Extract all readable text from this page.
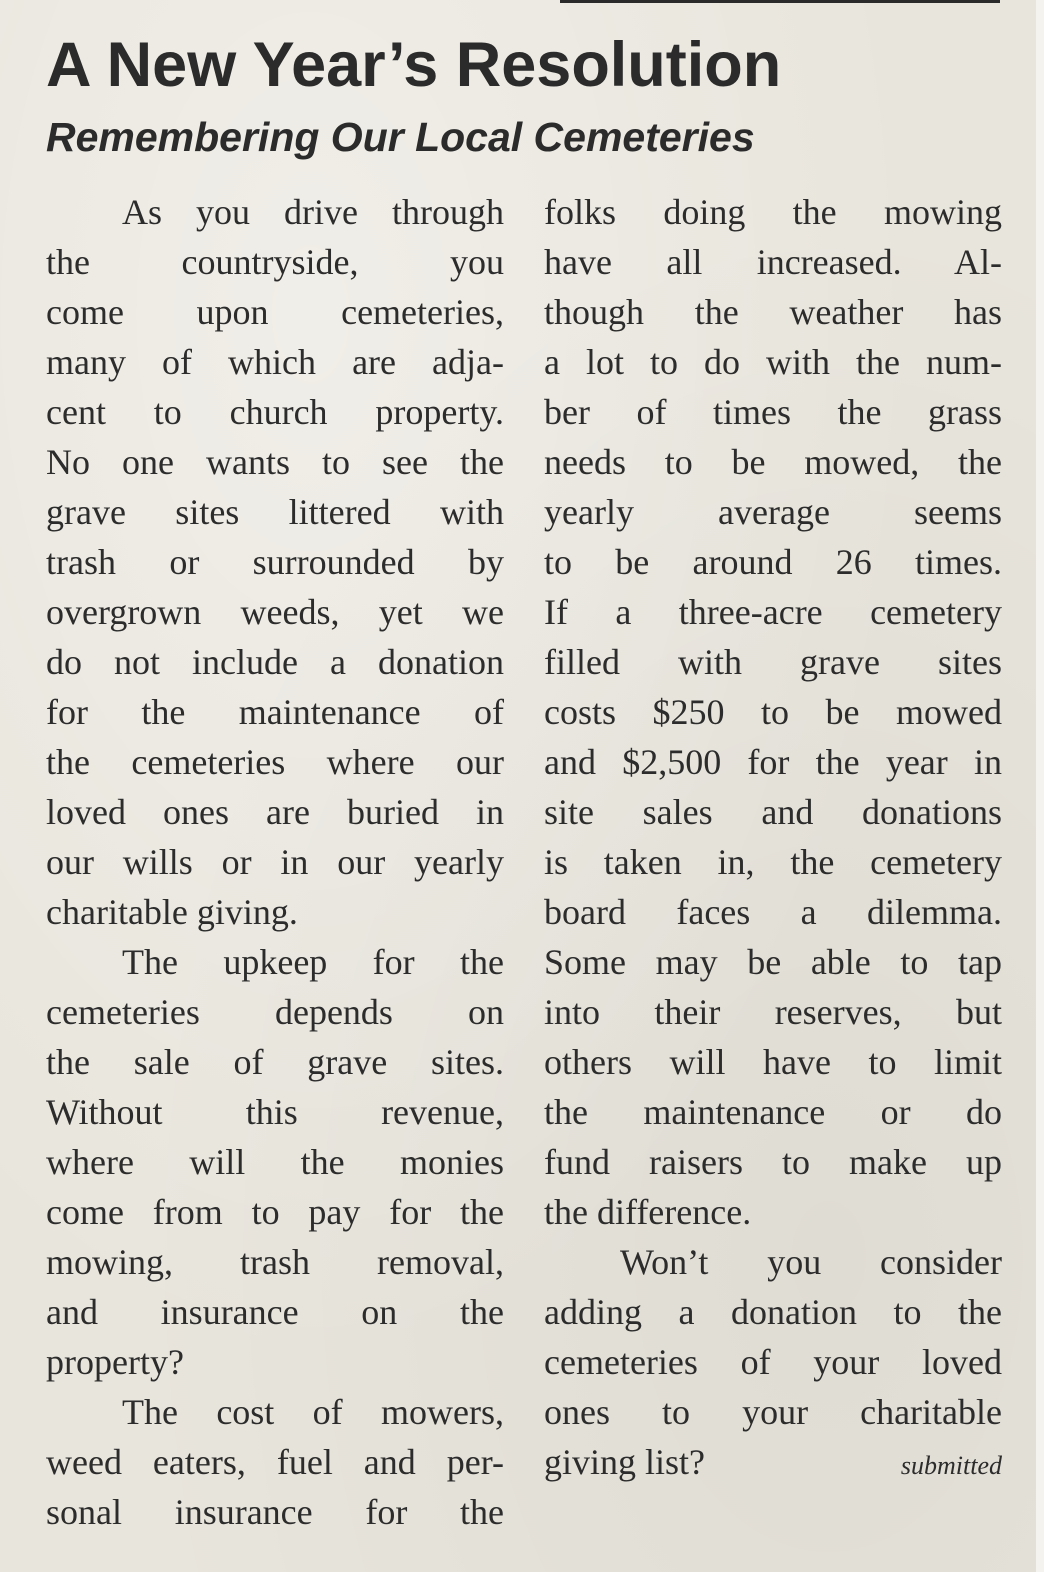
A New Year’s Resolution
Remembering Our Local Cemeteries
As you drive through
the countryside, you
come upon cemeteries,
many of which are adja-
cent to church property.
No one wants to see the
grave sites littered with
trash or surrounded by
overgrown weeds, yet we
do not include a donation
for the maintenance of
the cemeteries where our
loved ones are buried in
our wills or in our yearly
charitable giving.
The upkeep for the
cemeteries depends on
the sale of grave sites.
Without this revenue,
where will the monies
come from to pay for the
mowing, trash removal,
and insurance on the
property?
The cost of mowers,
weed eaters, fuel and per-
sonal insurance for the
folks doing the mowing
have all increased. Al-
though the weather has
a lot to do with the num-
ber of times the grass
needs to be mowed, the
yearly average seems
to be around 26 times.
If a three-acre cemetery
filled with grave sites
costs $250 to be mowed
and $2,500 for the year in
site sales and donations
is taken in, the cemetery
board faces a dilemma.
Some may be able to tap
into their reserves, but
others will have to limit
the maintenance or do
fund raisers to make up
the difference.
Won’t you consider
adding a donation to the
cemeteries of your loved
ones to your charitable
giving list?	submitted
